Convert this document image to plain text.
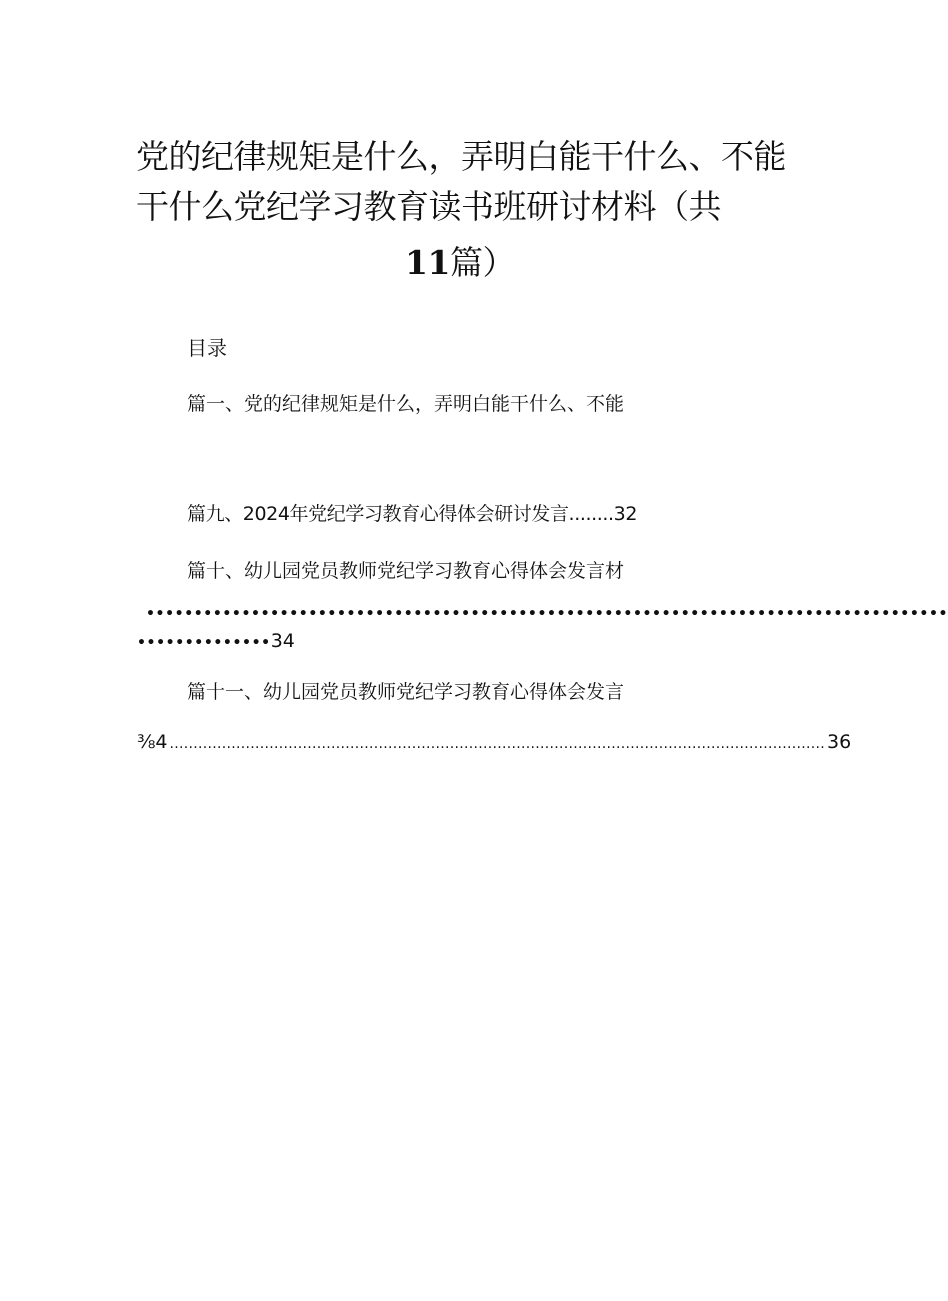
党的纪律规矩是什么，弄明白能干什么、不能
干什么党纪学习教育读书班研讨材料（共
11篇）
目录
篇一、党的纪律规矩是什么，弄明白能干什么、不能
篇九、2024年党纪学习教育心得体会研讨发言........32
篇十、幼儿园党员教师党纪学习教育心得体会发言材
••••••••••••••••••••••••••••••••••••••••••••••••••••••••••••••••••••••••••••••••••••
••••••••••••••34
篇十一、幼儿园党员教师党纪学习教育心得体会发言
⅜4 .......................................................................................................................................... 36
